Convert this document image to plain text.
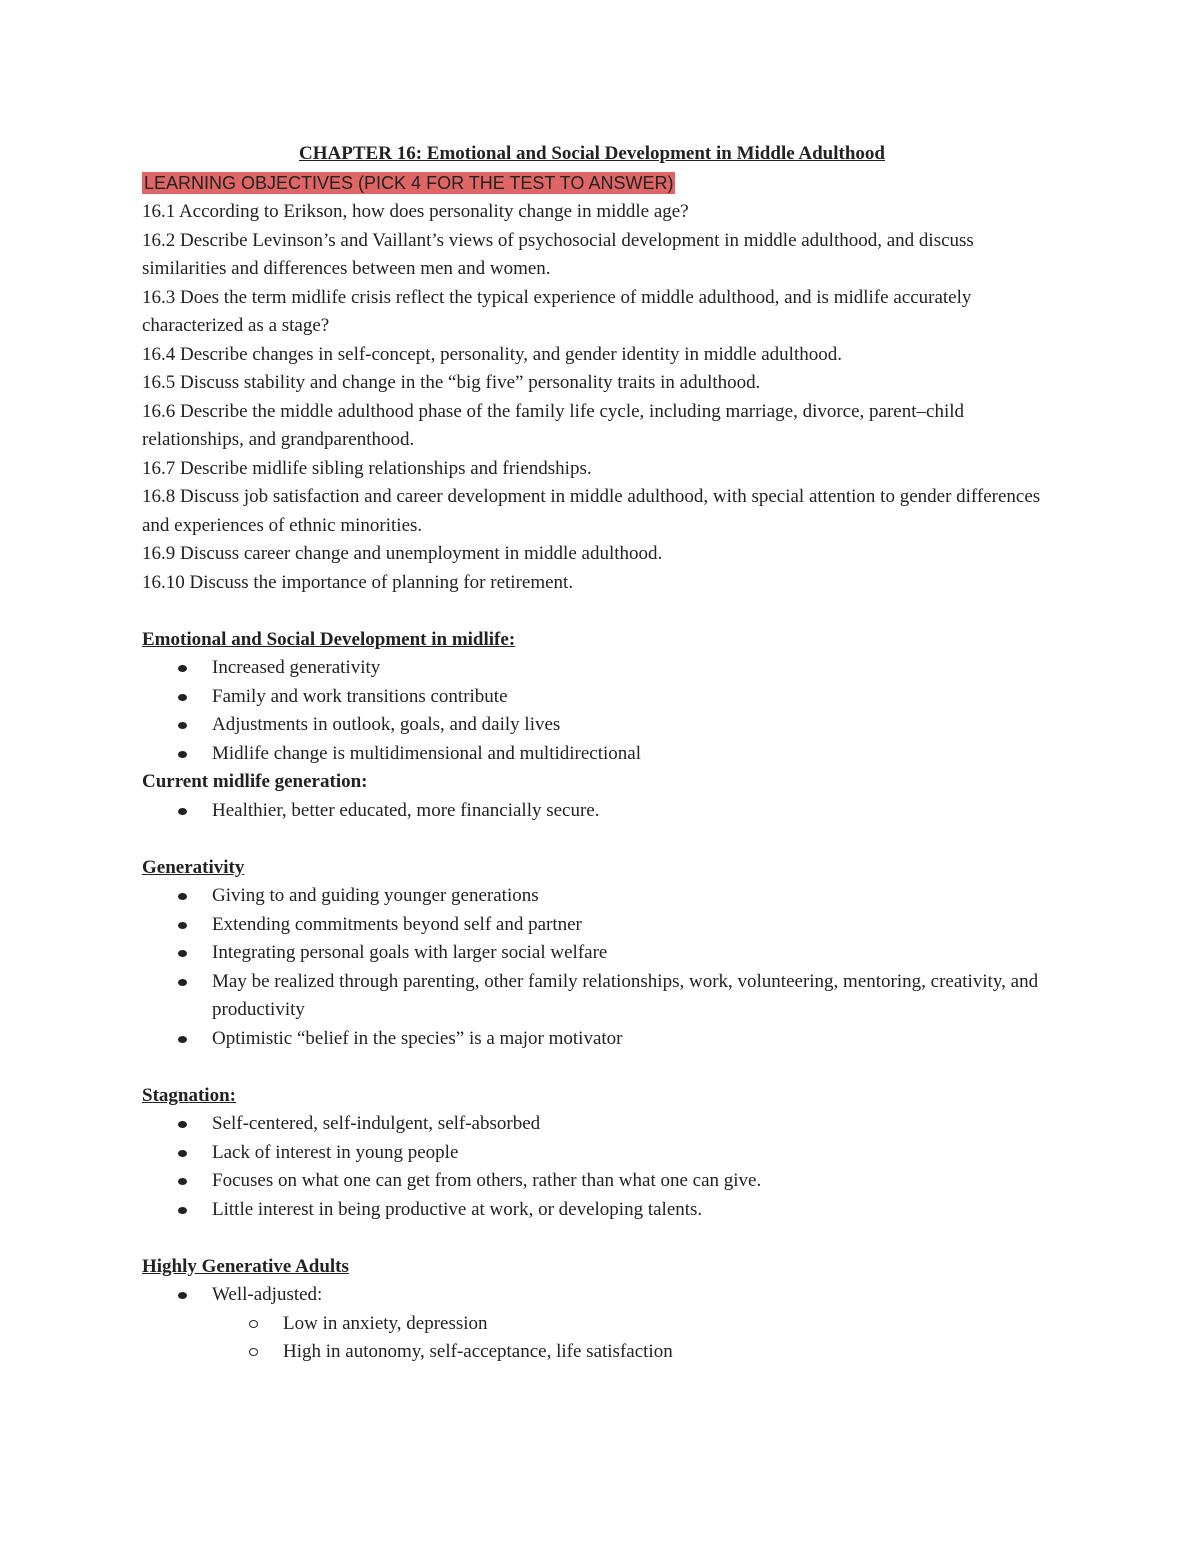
CHAPTER 16: Emotional and Social Development in Middle Adulthood

LEARNING OBJECTIVES (PICK 4 FOR THE TEST TO ANSWER)

16.1 According to Erikson, how does personality change in middle age?

16.2 Describe Levinson’s and Vaillant’s views of psychosocial development in middle adulthood, and discuss similarities and differences between men and women.

16.3 Does the term midlife crisis reflect the typical experience of middle adulthood, and is midlife accurately characterized as a stage?

16.4 Describe changes in self-concept, personality, and gender identity in middle adulthood.

16.5 Discuss stability and change in the “big five” personality traits in adulthood.

16.6 Describe the middle adulthood phase of the family life cycle, including marriage, divorce, parent–child relationships, and grandparenthood.

16.7 Describe midlife sibling relationships and friendships.

16.8 Discuss job satisfaction and career development in middle adulthood, with special attention to gender differences and experiences of ethnic minorities.

16.9 Discuss career change and unemployment in middle adulthood.

16.10 Discuss the importance of planning for retirement.

Emotional and Social Development in midlife:

Increased generativity
Family and work transitions contribute
Adjustments in outlook, goals, and daily lives
Midlife change is multidimensional and multidirectional

Current midlife generation:

Healthier, better educated, more financially secure.

Generativity

Giving to and guiding younger generations
Extending commitments beyond self and partner
Integrating personal goals with larger social welfare
May be realized through parenting, other family relationships, work, volunteering, mentoring, creativity, and productivity
Optimistic “belief in the species” is a major motivator

Stagnation:

Self-centered, self-indulgent, self-absorbed
Lack of interest in young people
Focuses on what one can get from others, rather than what one can give.
Little interest in being productive at work, or developing talents.

Highly Generative Adults

Well-adjusted:
Low in anxiety, depression
High in autonomy, self-acceptance, life satisfaction
